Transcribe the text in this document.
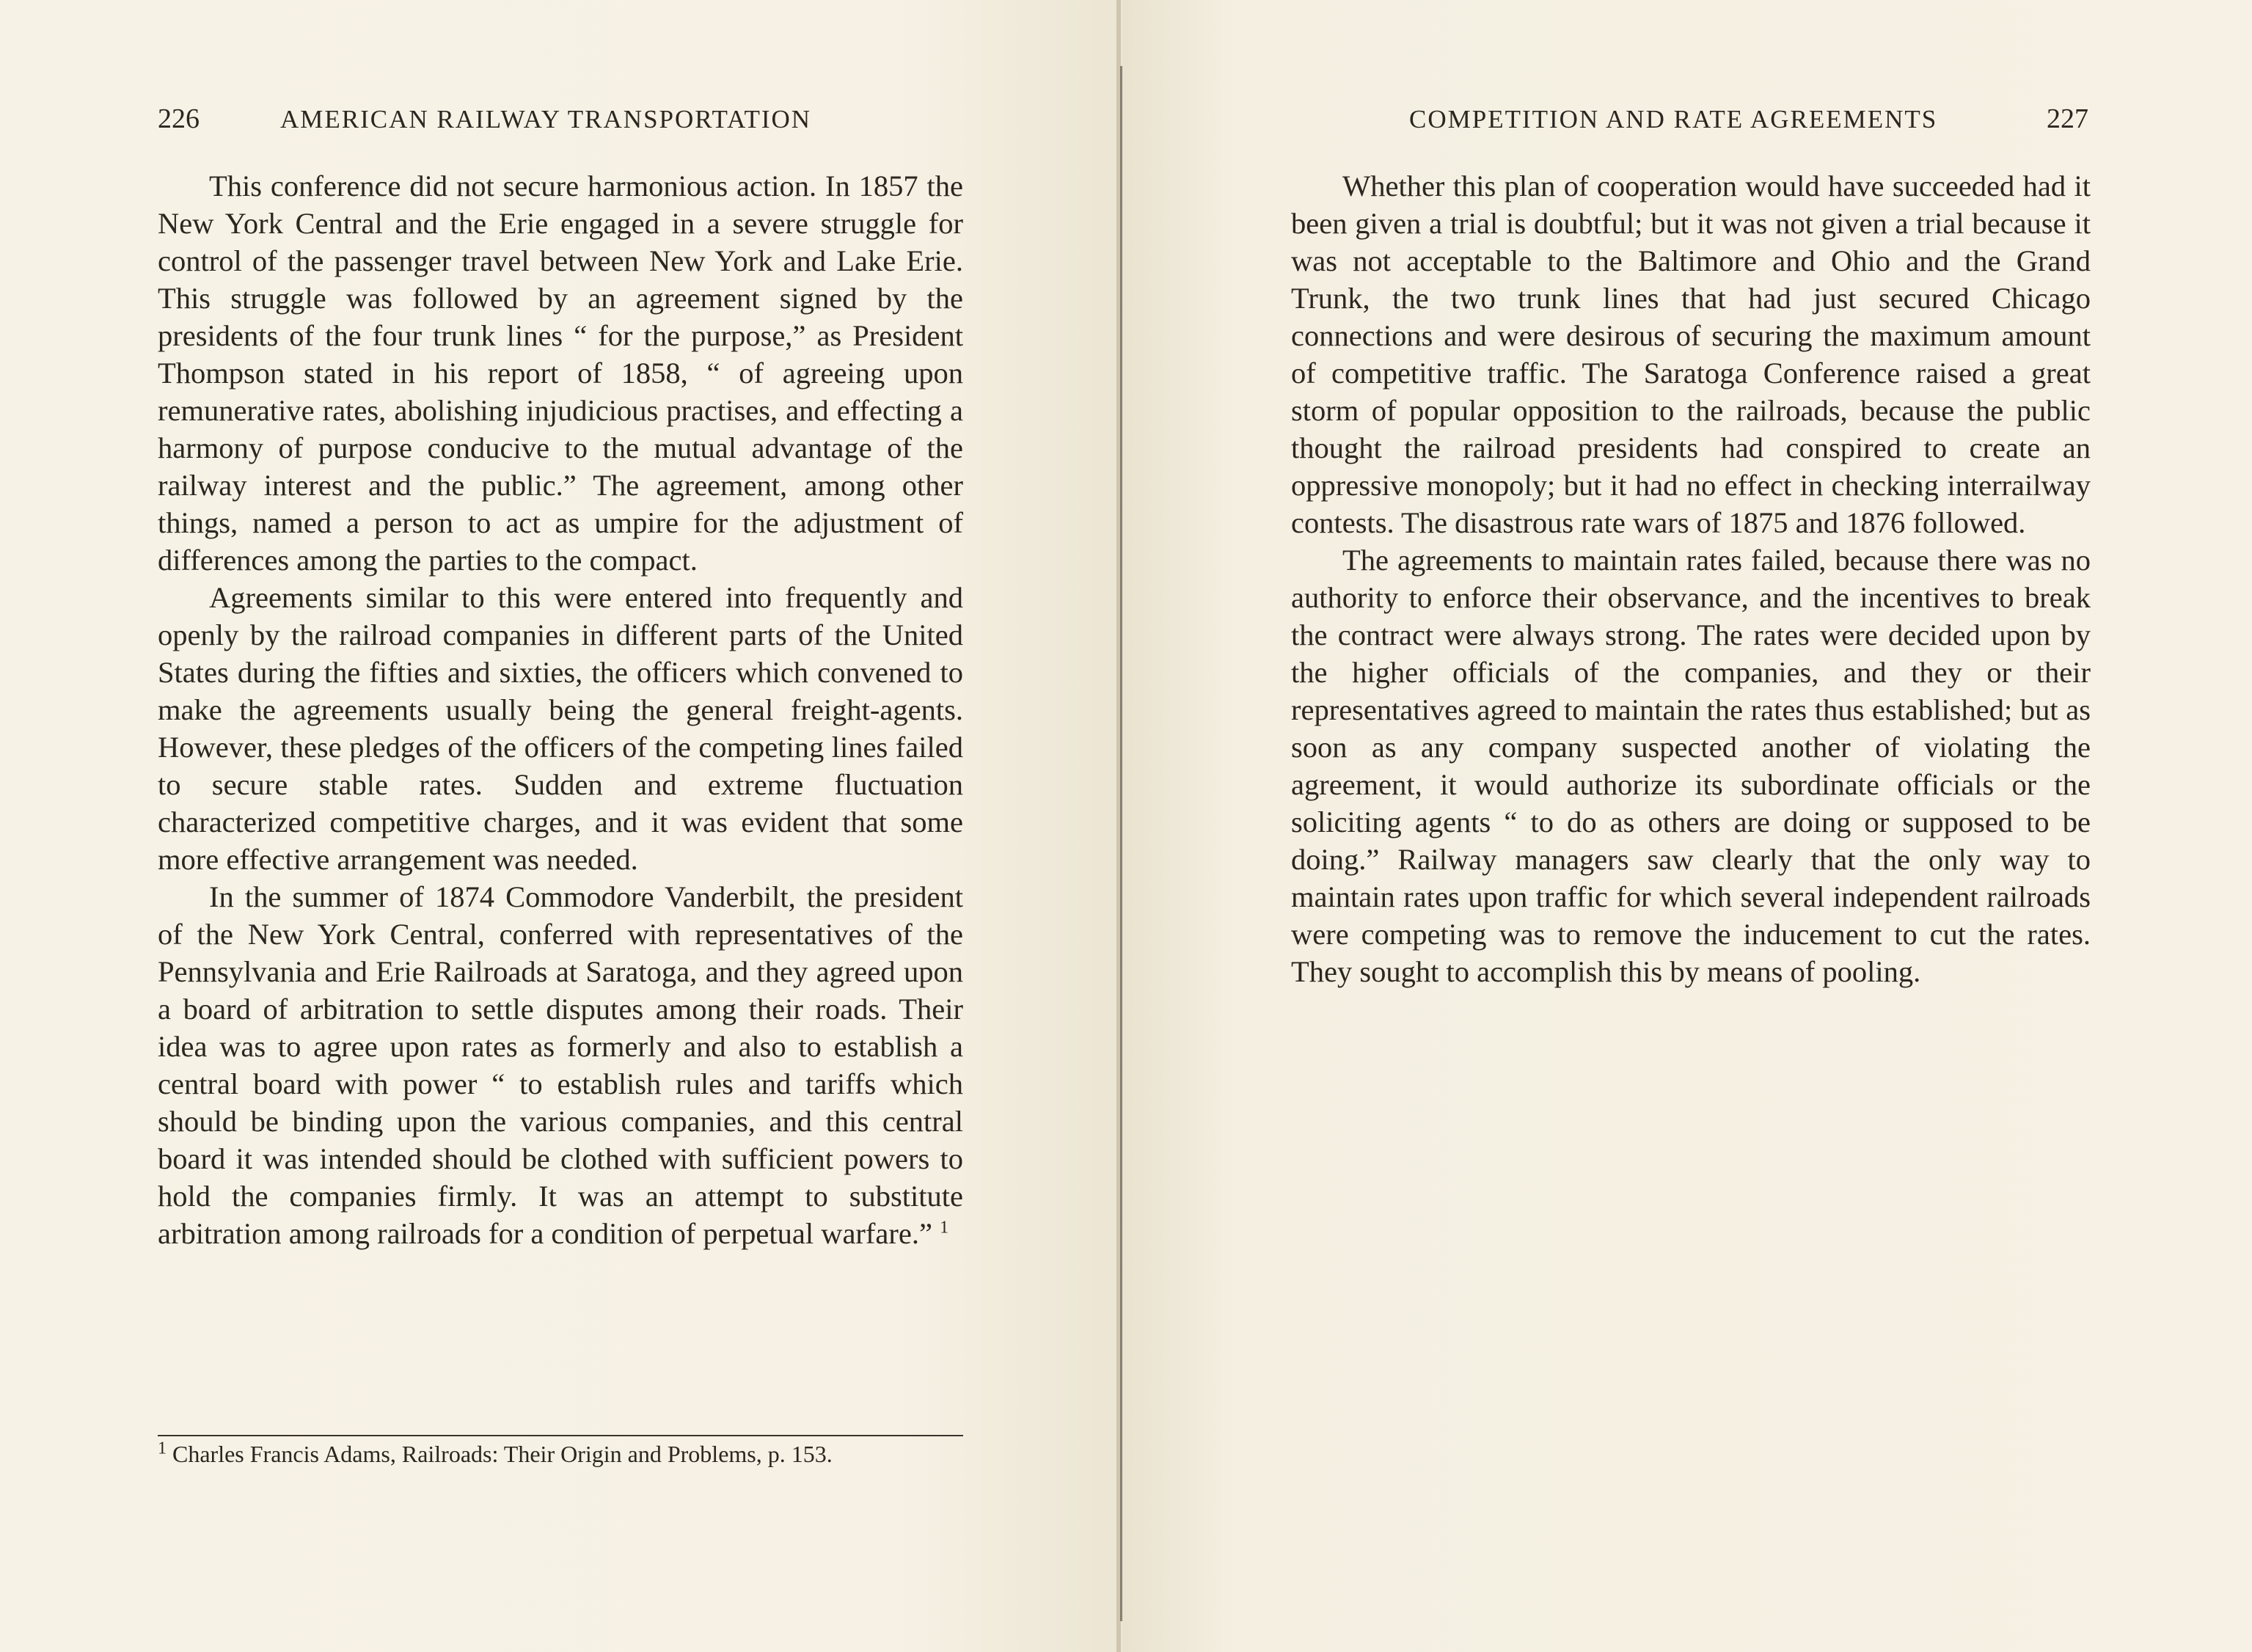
226	AMERICAN RAILWAY TRANSPORTATION

This conference did not secure harmonious action. In 1857 the New York Central and the Erie engaged in a severe struggle for control of the passenger travel between New York and Lake Erie. This struggle was followed by an agreement signed by the presidents of the four trunk lines “ for the purpose,” as President Thompson stated in his report of 1858, “ of agreeing upon remunerative rates, abolishing injudicious practises, and effecting a harmony of purpose conducive to the mutual advantage of the railway interest and the public.” The agreement, among other things, named a person to act as umpire for the adjustment of differences among the parties to the compact.

Agreements similar to this were entered into frequently and openly by the railroad companies in different parts of the United States during the fifties and sixties, the officers which convened to make the agreements usually being the general freight-agents. However, these pledges of the officers of the competing lines failed to secure stable rates. Sudden and extreme fluctuation characterized competitive charges, and it was evident that some more effective arrangement was needed.

In the summer of 1874 Commodore Vanderbilt, the president of the New York Central, conferred with representatives of the Pennsylvania and Erie Railroads at Saratoga, and they agreed upon a board of arbitration to settle disputes among their roads. Their idea was to agree upon rates as formerly and also to establish a central board with power “ to establish rules and tariffs which should be binding upon the various companies, and this central board it was intended should be clothed with sufficient powers to hold the companies firmly. It was an attempt to substitute arbitration among railroads for a condition of perpetual warfare.” $^1$

$^1$ Charles Francis Adams, Railroads: Their Origin and Problems, p. 153.
COMPETITION AND RATE AGREEMENTS	227

Whether this plan of cooperation would have succeeded had it been given a trial is doubtful; but it was not given a trial because it was not acceptable to the Baltimore and Ohio and the Grand Trunk, the two trunk lines that had just secured Chicago connections and were desirous of securing the maximum amount of competitive traffic. The Saratoga Conference raised a great storm of popular opposition to the railroads, because the public thought the railroad presidents had conspired to create an oppressive monopoly; but it had no effect in checking interrailway contests. The disastrous rate wars of 1875 and 1876 followed.

The agreements to maintain rates failed, because there was no authority to enforce their observance, and the incentives to break the contract were always strong. The rates were decided upon by the higher officials of the companies, and they or their representatives agreed to maintain the rates thus established; but as soon as any company suspected another of violating the agreement, it would authorize its subordinate officials or the soliciting agents “ to do as others are doing or supposed to be doing.” Railway managers saw clearly that the only way to maintain rates upon traffic for which several independent railroads were competing was to remove the inducement to cut the rates. They sought to accomplish this by means of pooling.
